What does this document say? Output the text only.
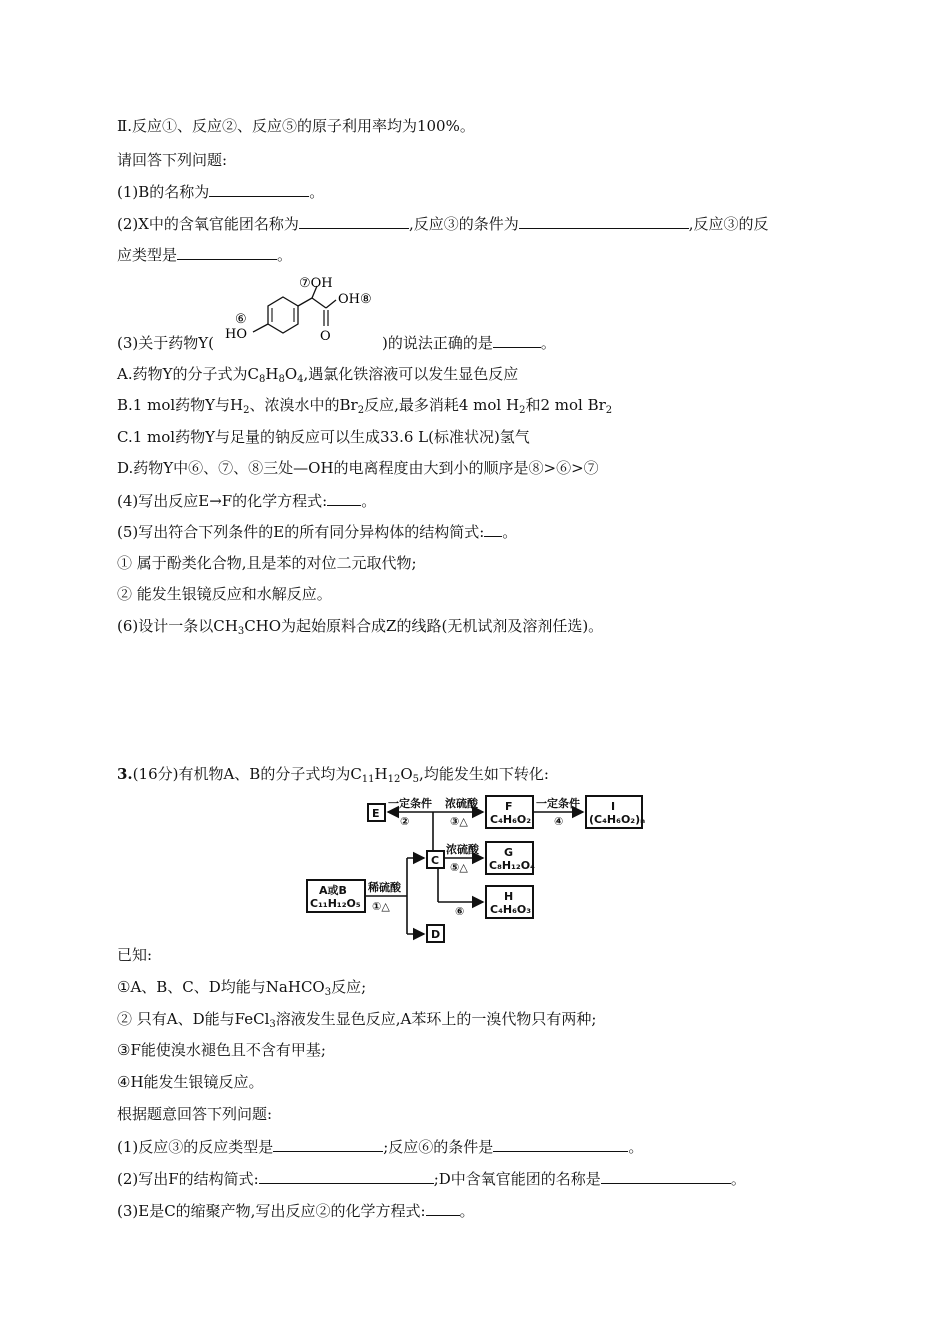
Ⅱ.反应①、反应②、反应⑤的原子利用率均为100%。
请回答下列问题:
(1)B的名称为	。
(2)X中的含氧官能团名称为	,反应③的条件为	,反应③的反
应类型是	。
⑦OH
OH⑧
O
⑥
HO
(3)关于药物Y(	)的说法正确的是	。
A.药物Y的分子式为$C_8H_8O_4$,遇氯化铁溶液可以发生显色反应
B.1 mol药物Y与$H_2$、浓溴水中的$Br_2$反应,最多消耗4 mol $H_2$和2 mol $Br_2$
C.1 mol药物Y与足量的钠反应可以生成33.6 L(标准状况)氢气
D.药物Y中⑥、⑦、⑧三处—OH的电离程度由大到小的顺序是⑧>⑥>⑦
(4)写出反应E→F的化学方程式: 。
(5)写出符合下列条件的E的所有同分异构体的结构简式: 。
① 属于酚类化合物,且是苯的对位二元取代物;
② 能发生银镜反应和水解反应。
(6)设计一条以$CH_3CHO$为起始原料合成Z的线路(无机试剂及溶剂任选)。
3.(16分)有机物A、B的分子式均为$C_{11}H_{12}O_5$,均能发生如下转化:
E
C
D
F
C₄H₆O₂
I
(C₄H₆O₂)ₙ
G
C₈H₁₂O₄
H
C₄H₆O₃
A或B
C₁₁H₁₂O₅
一定条件
②
浓硫酸
③△
一定条件
④
浓硫酸
⑤△
⑥
稀硫酸
①△
已知:
①A、B、C、D均能与NaHCO$_3$反应;
② 只有A、D能与FeCl$_3$溶液发生显色反应,A苯环上的一溴代物只有两种;
③F能使溴水褪色且不含有甲基;
④H能发生银镜反应。
根据题意回答下列问题:
(1)反应③的反应类型是	;反应⑥的条件是	。
(2)写出F的结构简式:	;D中含氧官能团的名称是	。
(3)E是C的缩聚产物,写出反应②的化学方程式: 。
